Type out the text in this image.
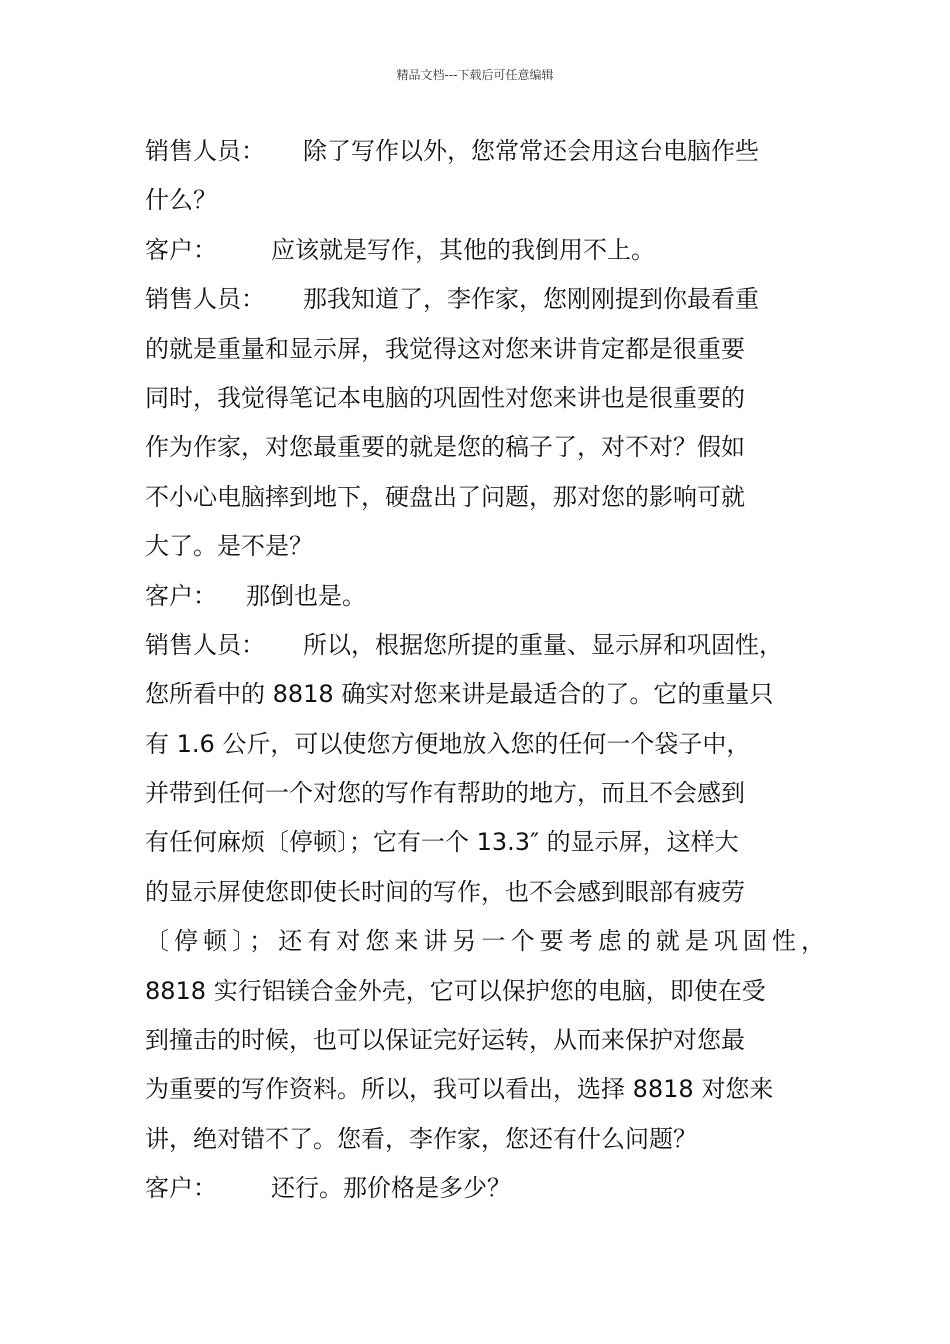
精品文档---下载后可任意编辑
销售人员： 除了写作以外，您常常还会用这台电脑作些
什么？
客户： 应该就是写作，其他的我倒用不上。
销售人员： 那我知道了，李作家，您刚刚提到你最看重
的就是重量和显示屏，我觉得这对您来讲肯定都是很重要
同时，我觉得笔记本电脑的巩固性对您来讲也是很重要的
作为作家，对您最重要的就是您的稿子了，对不对？假如
不小心电脑摔到地下，硬盘出了问题，那对您的影响可就
大了。是不是？
客户： 那倒也是。
销售人员： 所以，根据您所提的重量、显示屏和巩固性，
您所看中的 8818 确实对您来讲是最适合的了。它的重量只
有 1.6 公斤，可以使您方便地放入您的任何一个袋子中，
并带到任何一个对您的写作有帮助的地方，而且不会感到
有任何麻烦〔停顿〕；它有一个 13.3″ 的显示屏，这样大
的显示屏使您即使长时间的写作，也不会感到眼部有疲劳
〔停顿〕；还有对您来讲另一个要考虑的就是巩固性，
8818 实行铝镁合金外壳，它可以保护您的电脑，即使在受
到撞击的时候，也可以保证完好运转，从而来保护对您最
为重要的写作资料。所以，我可以看出，选择 8818 对您来
讲，绝对错不了。您看，李作家，您还有什么问题？
客户： 还行。那价格是多少？
